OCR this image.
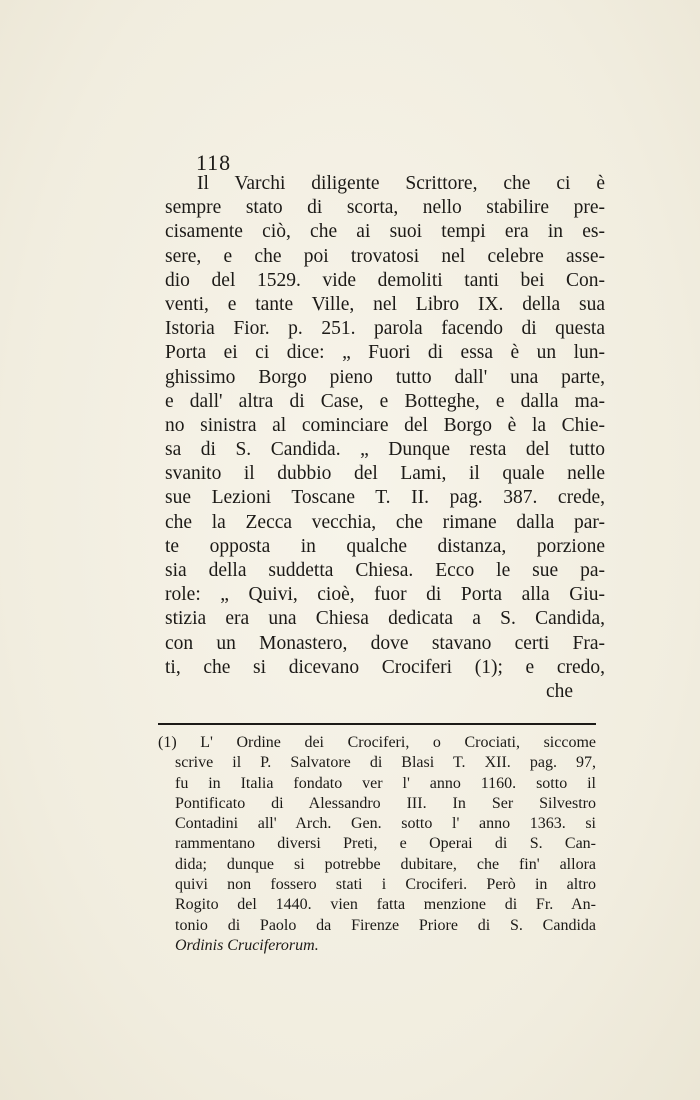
118
Il Varchi diligente Scrittore, che ci è
sempre stato di scorta, nello stabilire pre-
cisamente ciò, che ai suoi tempi era in es-
sere, e che poi trovatosi nel celebre asse-
dio del 1529. vide demoliti tanti bei Con-
venti, e tante Ville, nel Libro IX. della sua
Istoria Fior. p. 251. parola facendo di questa
Porta ei ci dice: „ Fuori di essa è un lun-
ghissimo Borgo pieno tutto dall' una parte,
e dall' altra di Case, e Botteghe, e dalla ma-
no sinistra al cominciare del Borgo è la Chie-
sa di S. Candida. „ Dunque resta del tutto
svanito il dubbio del Lami, il quale nelle
sue Lezioni Toscane T. II. pag. 387. crede,
che la Zecca vecchia, che rimane dalla par-
te opposta in qualche distanza, porzione
sia della suddetta Chiesa. Ecco le sue pa-
role: „ Quivi, cioè, fuor di Porta alla Giu-
stizia era una Chiesa dedicata a S. Candida,
con un Monastero, dove stavano certi Fra-
ti, che si dicevano Crociferi (1); e credo,
che
(1) L' Ordine dei Crociferi, o Crociati, siccome
scrive il P. Salvatore di Blasi T. XII. pag. 97,
fu in Italia fondato ver l' anno 1160. sotto il
Pontificato di Alessandro III. In Ser Silvestro
Contadini all' Arch. Gen. sotto l' anno 1363. si
rammentano diversi Preti, e Operai di S. Can-
dida; dunque si potrebbe dubitare, che fin' allora
quivi non fossero stati i Crociferi. Però in altro
Rogito del 1440. vien fatta menzione di Fr. An-
tonio di Paolo da Firenze Priore di S. Candida
Ordinis Cruciferorum.
